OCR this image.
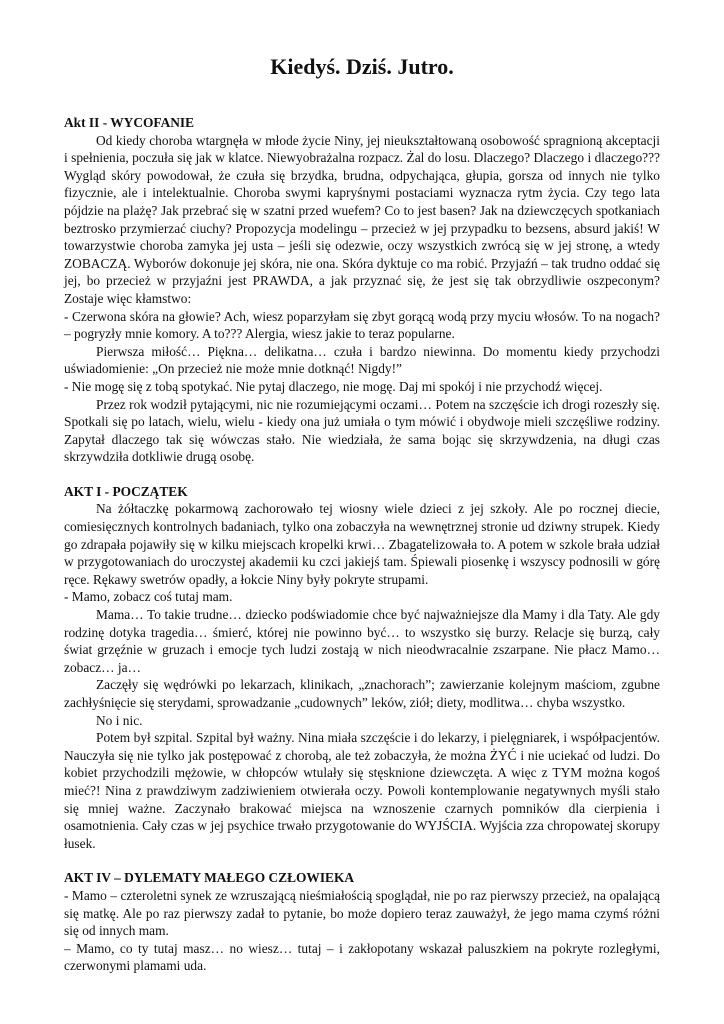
Kiedyś. Dziś. Jutro.
Akt II - WYCOFANIE

Od kiedy choroba wtargnęła w młode życie Niny, jej nieukształtowaną osobowość spragnioną akceptacji i spełnienia, poczuła się jak w klatce. Niewyobrażalna rozpacz. Żal do losu. Dlaczego? Dlaczego i dlaczego??? Wygląd skóry powodował, że czuła się brzydka, brudna, odpychająca, głupia, gorsza od innych nie tylko fizycznie, ale i intelektualnie. Choroba swymi kapryśnymi postaciami wyznacza rytm życia. Czy tego lata pójdzie na plażę? Jak przebrać się w szatni przed wuefem? Co to jest basen? Jak na dziewczęcych spotkaniach beztrosko przymierzać ciuchy? Propozycja modelingu – przecież w jej przypadku to bezsens, absurd jakiś! W towarzystwie choroba zamyka jej usta – jeśli się odezwie, oczy wszystkich zwrócą się w jej stronę, a wtedy ZOBACZĄ. Wyborów dokonuje jej skóra, nie ona. Skóra dyktuje co ma robić. Przyjaźń – tak trudno oddać się jej, bo przecież w przyjaźni jest PRAWDA, a jak przyznać się, że jest się tak obrzydliwie oszpeconym? Zostaje więc kłamstwo:

- Czerwona skóra na głowie? Ach, wiesz poparzyłam się zbyt gorącą wodą przy myciu włosów. To na nogach? – pogryzły mnie komory. A to??? Alergia, wiesz jakie to teraz popularne.

Pierwsza miłość… Piękna… delikatna… czuła i bardzo niewinna. Do momentu kiedy przychodzi uświadomienie: „On przecież nie może mnie dotknąć! Nigdy!”

- Nie mogę się z tobą spotykać. Nie pytaj dlaczego, nie mogę. Daj mi spokój i nie przychodź więcej.

Przez rok wodził pytającymi, nic nie rozumiejącymi oczami… Potem na szczęście ich drogi rozeszły się. Spotkali się po latach, wielu, wielu - kiedy ona już umiała o tym mówić i obydwoje mieli szczęśliwe rodziny. Zapytał dlaczego tak się wówczas stało. Nie wiedziała, że sama bojąc się skrzywdzenia, na długi czas skrzywdziła dotkliwie drugą osobę.

AKT I - POCZĄTEK

Na żółtaczkę pokarmową zachorowało tej wiosny wiele dzieci z jej szkoły. Ale po rocznej diecie, comiesięcznych kontrolnych badaniach, tylko ona zobaczyła na wewnętrznej stronie ud dziwny strupek. Kiedy go zdrapała pojawiły się w kilku miejscach kropelki krwi… Zbagatelizowała to. A potem w szkole brała udział w przygotowaniach do uroczystej akademii ku czci jakiejś tam. Śpiewali piosenkę i wszyscy podnosili w górę ręce. Rękawy swetrów opadły, a łokcie Niny były pokryte strupami.

- Mamo, zobacz coś tutaj mam.

Mama… To takie trudne… dziecko podświadomie chce być najważniejsze dla Mamy i dla Taty. Ale gdy rodzinę dotyka tragedia… śmierć, której nie powinno być… to wszystko się burzy. Relacje się burzą, cały świat grzęźnie w gruzach i emocje tych ludzi zostają w nich nieodwracalnie zszarpane. Nie płacz Mamo… zobacz… ja…

Zaczęły się wędrówki po lekarzach, klinikach, „znachorach”; zawierzanie kolejnym maściom, zgubne zachłyśnięcie się sterydami, sprowadzanie „cudownych” leków, ziół; diety, modlitwa… chyba wszystko.

No i nic.

Potem był szpital. Szpital był ważny. Nina miała szczęście i do lekarzy, i pielęgniarek, i współpacjentów. Nauczyła się nie tylko jak postępować z chorobą, ale też zobaczyła, że można ŻYĆ i nie uciekać od ludzi. Do kobiet przychodzili mężowie, w chłopców wtulały się stęsknione dziewczęta. A więc z TYM można kogoś mieć?! Nina z prawdziwym zadziwieniem otwierała oczy. Powoli kontemplowanie negatywnych myśli stało się mniej ważne. Zaczynało brakować miejsca na wznoszenie czarnych pomników dla cierpienia i osamotnienia. Cały czas w jej psychice trwało przygotowanie do WYJŚCIA. Wyjścia zza chropowatej skorupy łusek.

AKT IV – DYLEMATY MAŁEGO CZŁOWIEKA

- Mamo – czteroletni synek ze wzruszającą nieśmiałością spoglądał, nie po raz pierwszy przecież, na opalającą się matkę. Ale po raz pierwszy zadał to pytanie, bo może dopiero teraz zauważył, że jego mama czymś różni się od innych mam.

– Mamo, co ty tutaj masz… no wiesz… tutaj – i zakłopotany wskazał paluszkiem na pokryte rozległymi, czerwonymi plamami uda.
